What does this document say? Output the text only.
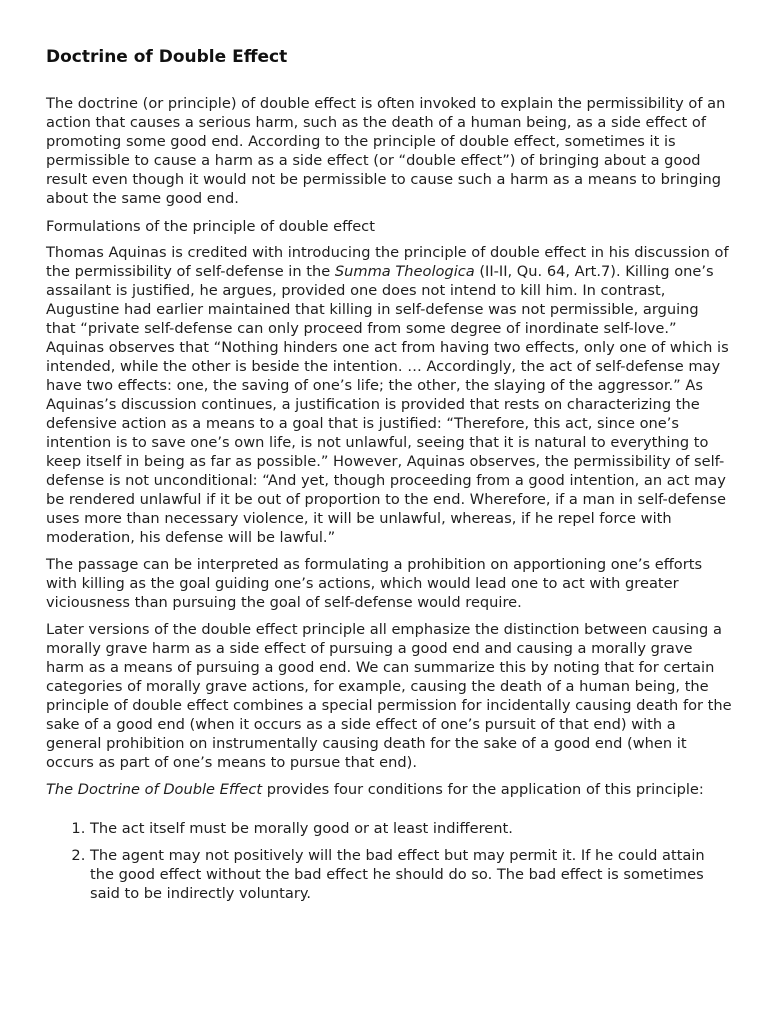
Doctrine of Double Effect

The doctrine (or principle) of double effect is often invoked to explain the permissibility of an action that causes a serious harm, such as the death of a human being, as a side effect of promoting some good end. According to the principle of double effect, sometimes it is permissible to cause a harm as a side effect (or “double effect”) of bringing about a good result even though it would not be permissible to cause such a harm as a means to bringing about the same good end.

Formulations of the principle of double effect

Thomas Aquinas is credited with introducing the principle of double effect in his discussion of the permissibility of self-defense in the Summa Theologica (II-II, Qu. 64, Art.7). Killing one’s assailant is justified, he argues, provided one does not intend to kill him. In contrast, Augustine had earlier maintained that killing in self-defense was not permissible, arguing that “private self-defense can only proceed from some degree of inordinate self-love.” Aquinas observes that “Nothing hinders one act from having two effects, only one of which is intended, while the other is beside the intention. … Accordingly, the act of self-defense may have two effects: one, the saving of one’s life; the other, the slaying of the aggressor.” As Aquinas’s discussion continues, a justification is provided that rests on characterizing the defensive action as a means to a goal that is justified: “Therefore, this act, since one’s intention is to save one’s own life, is not unlawful, seeing that it is natural to everything to keep itself in being as far as possible.” However, Aquinas observes, the permissibility of self-defense is not unconditional: “And yet, though proceeding from a good intention, an act may be rendered unlawful if it be out of proportion to the end. Wherefore, if a man in self-defense uses more than necessary violence, it will be unlawful, whereas, if he repel force with moderation, his defense will be lawful.”

The passage can be interpreted as formulating a prohibition on apportioning one’s efforts with killing as the goal guiding one’s actions, which would lead one to act with greater viciousness than pursuing the goal of self-defense would require.

Later versions of the double effect principle all emphasize the distinction between causing a morally grave harm as a side effect of pursuing a good end and causing a morally grave harm as a means of pursuing a good end. We can summarize this by noting that for certain categories of morally grave actions, for example, causing the death of a human being, the principle of double effect combines a special permission for incidentally causing death for the sake of a good end (when it occurs as a side effect of one’s pursuit of that end) with a general prohibition on instrumentally causing death for the sake of a good end (when it occurs as part of one’s means to pursue that end).

The Doctrine of Double Effect provides four conditions for the application of this principle:

1. The act itself must be morally good or at least indifferent.
2. The agent may not positively will the bad effect but may permit it. If he could attain the good effect without the bad effect he should do so. The bad effect is sometimes said to be indirectly voluntary.
